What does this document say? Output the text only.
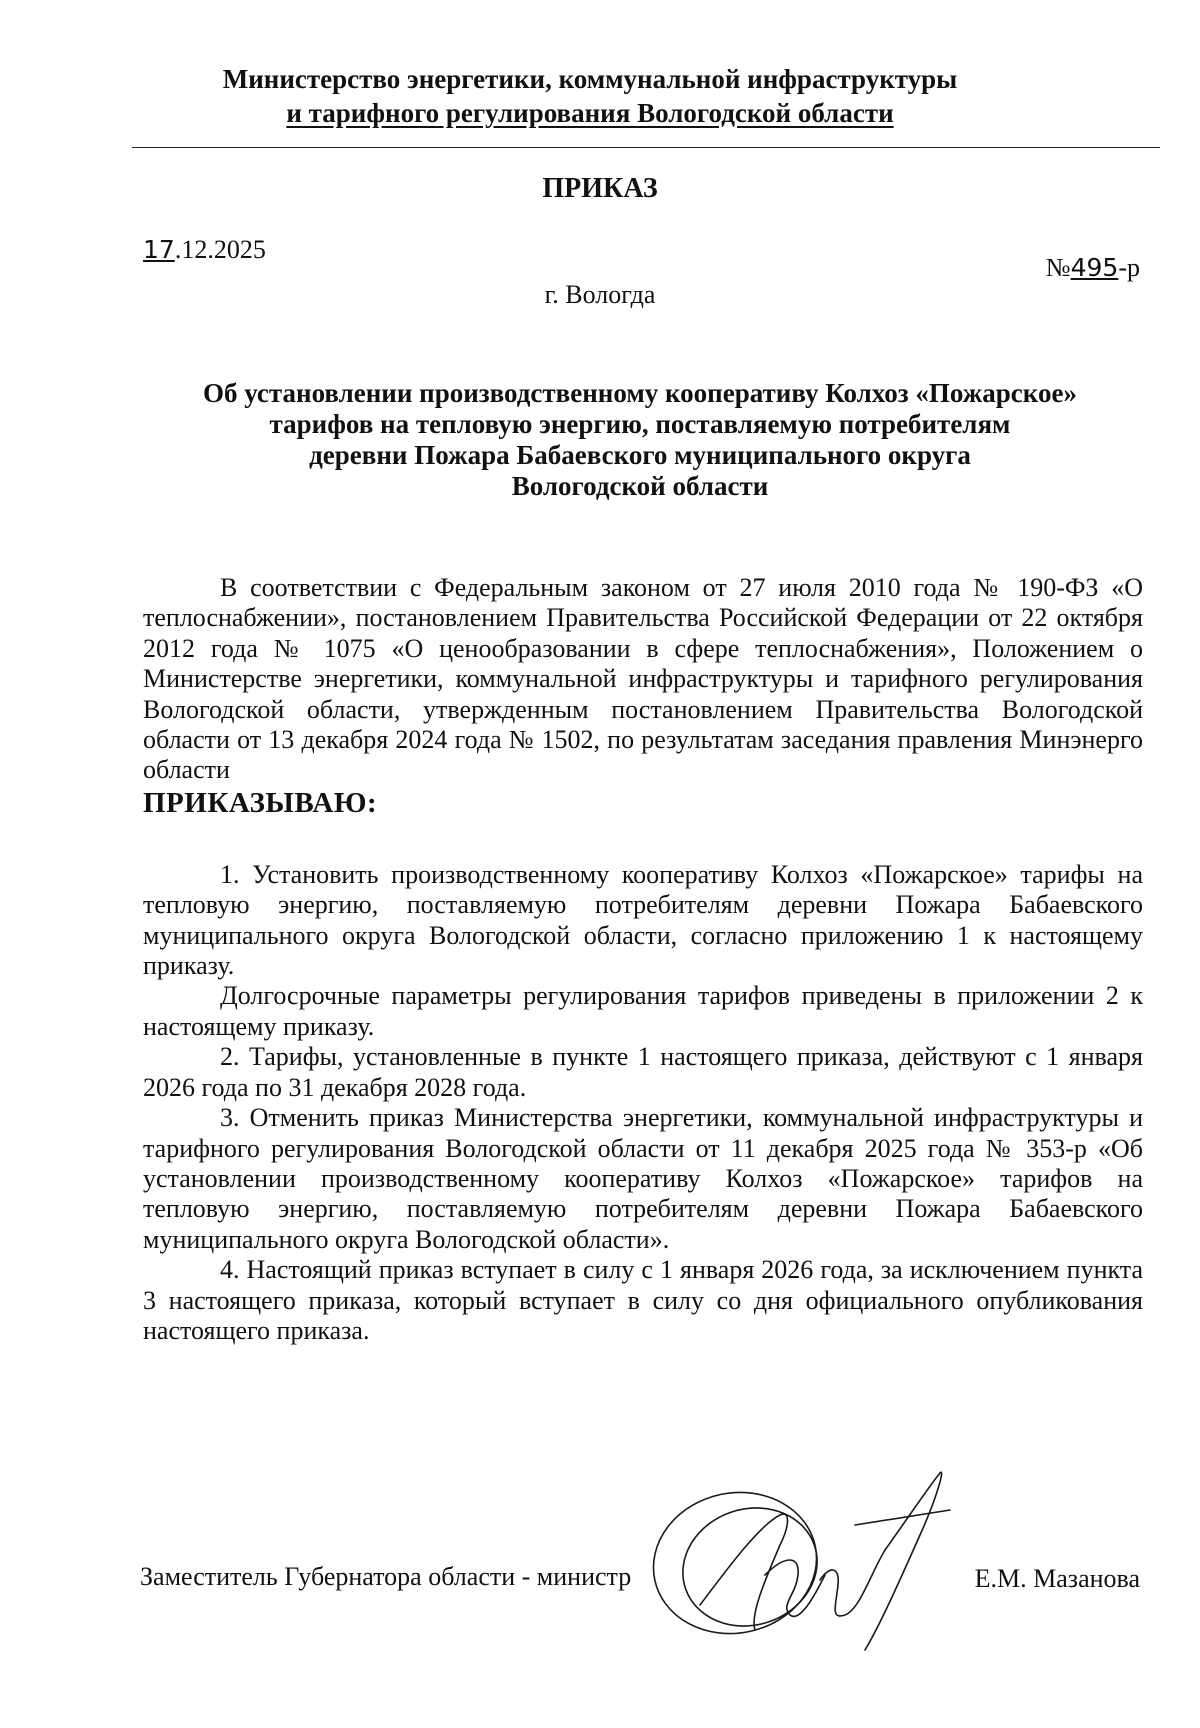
Министерство энергетики, коммунальной инфраструктуры
и тарифного регулирования Вологодской области
ПРИКАЗ
17.12.2025
№495-р
г. Вологда
Об установлении производственному кооперативу Колхоз «Пожарское»
тарифов на тепловую энергию, поставляемую потребителям
деревни Пожара Бабаевского муниципального округа
Вологодской области

В соответствии с Федеральным законом от 27 июля 2010 года № 190-ФЗ «О теплоснабжении», постановлением Правительства Российской Федерации от 22 октября 2012 года № 1075 «О ценообразовании в сфере теплоснабжения», Положением о Министерстве энергетики, коммунальной инфраструктуры и тарифного регулирования Вологодской области, утвержденным постановлением Правительства Вологодской области от 13 декабря 2024 года № 1502, по результатам заседания правления Минэнерго области

ПРИКАЗЫВАЮ:

1. Установить производственному кооперативу Колхоз «Пожарское» тарифы на тепловую энергию, поставляемую потребителям деревни Пожара Бабаевского муниципального округа Вологодской области, согласно приложению 1 к настоящему приказу.

Долгосрочные параметры регулирования тарифов приведены в приложении 2 к настоящему приказу.

2. Тарифы, установленные в пункте 1 настоящего приказа, действуют с 1 января 2026 года по 31 декабря 2028 года.

3. Отменить приказ Министерства энергетики, коммунальной инфраструктуры и тарифного регулирования Вологодской области от 11 декабря 2025 года № 353-р «Об установлении производственному кооперативу Колхоз «Пожарское» тарифов на тепловую энергию, поставляемую потребителям деревни Пожара Бабаевского муниципального округа Вологодской области».

4. Настоящий приказ вступает в силу с 1 января 2026 года, за исключением пункта 3 настоящего приказа, который вступает в силу со дня официального опубликования настоящего приказа.

Заместитель Губернатора области - министр	Е.М. Мазанова
